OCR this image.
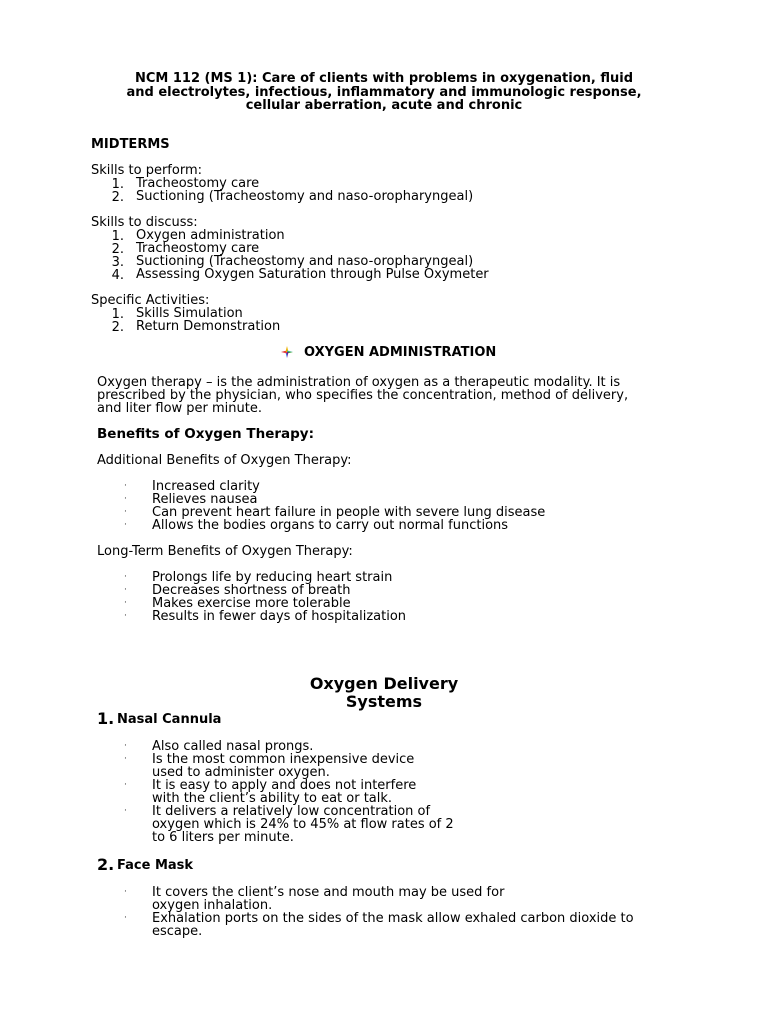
NCM 112 (MS 1): Care of clients with problems in oxygenation, fluid
and electrolytes, infectious, inflammatory and immunologic response,
cellular aberration, acute and chronic
MIDTERMS
Skills to perform:
1. Tracheostomy care
2. Suctioning (Tracheostomy and naso-oropharyngeal)
Skills to discuss:
1. Oxygen administration
2. Tracheostomy care
3. Suctioning (Tracheostomy and naso-oropharyngeal)
4. Assessing Oxygen Saturation through Pulse Oxymeter
Specific Activities:
1. Skills Simulation
2. Return Demonstration
OXYGEN ADMINISTRATION
Oxygen therapy – is the administration of oxygen as a therapeutic modality. It is
prescribed by the physician, who specifies the concentration, method of delivery,
and liter flow per minute.
Benefits of Oxygen Therapy:
Additional Benefits of Oxygen Therapy:
· Increased clarity
· Relieves nausea
· Can prevent heart failure in people with severe lung disease
· Allows the bodies organs to carry out normal functions
Long-Term Benefits of Oxygen Therapy:
· Prolongs life by reducing heart strain
· Decreases shortness of breath
· Makes exercise more tolerable
· Results in fewer days of hospitalization
Oxygen Delivery
Systems
1. Nasal Cannula
· Also called nasal prongs.
· Is the most common inexpensive device
used to administer oxygen.
· It is easy to apply and does not interfere
with the client’s ability to eat or talk.
· It delivers a relatively low concentration of
oxygen which is 24% to 45% at flow rates of 2
to 6 liters per minute.
2. Face Mask
· It covers the client’s nose and mouth may be used for
oxygen inhalation.
· Exhalation ports on the sides of the mask allow exhaled carbon dioxide to
escape.
